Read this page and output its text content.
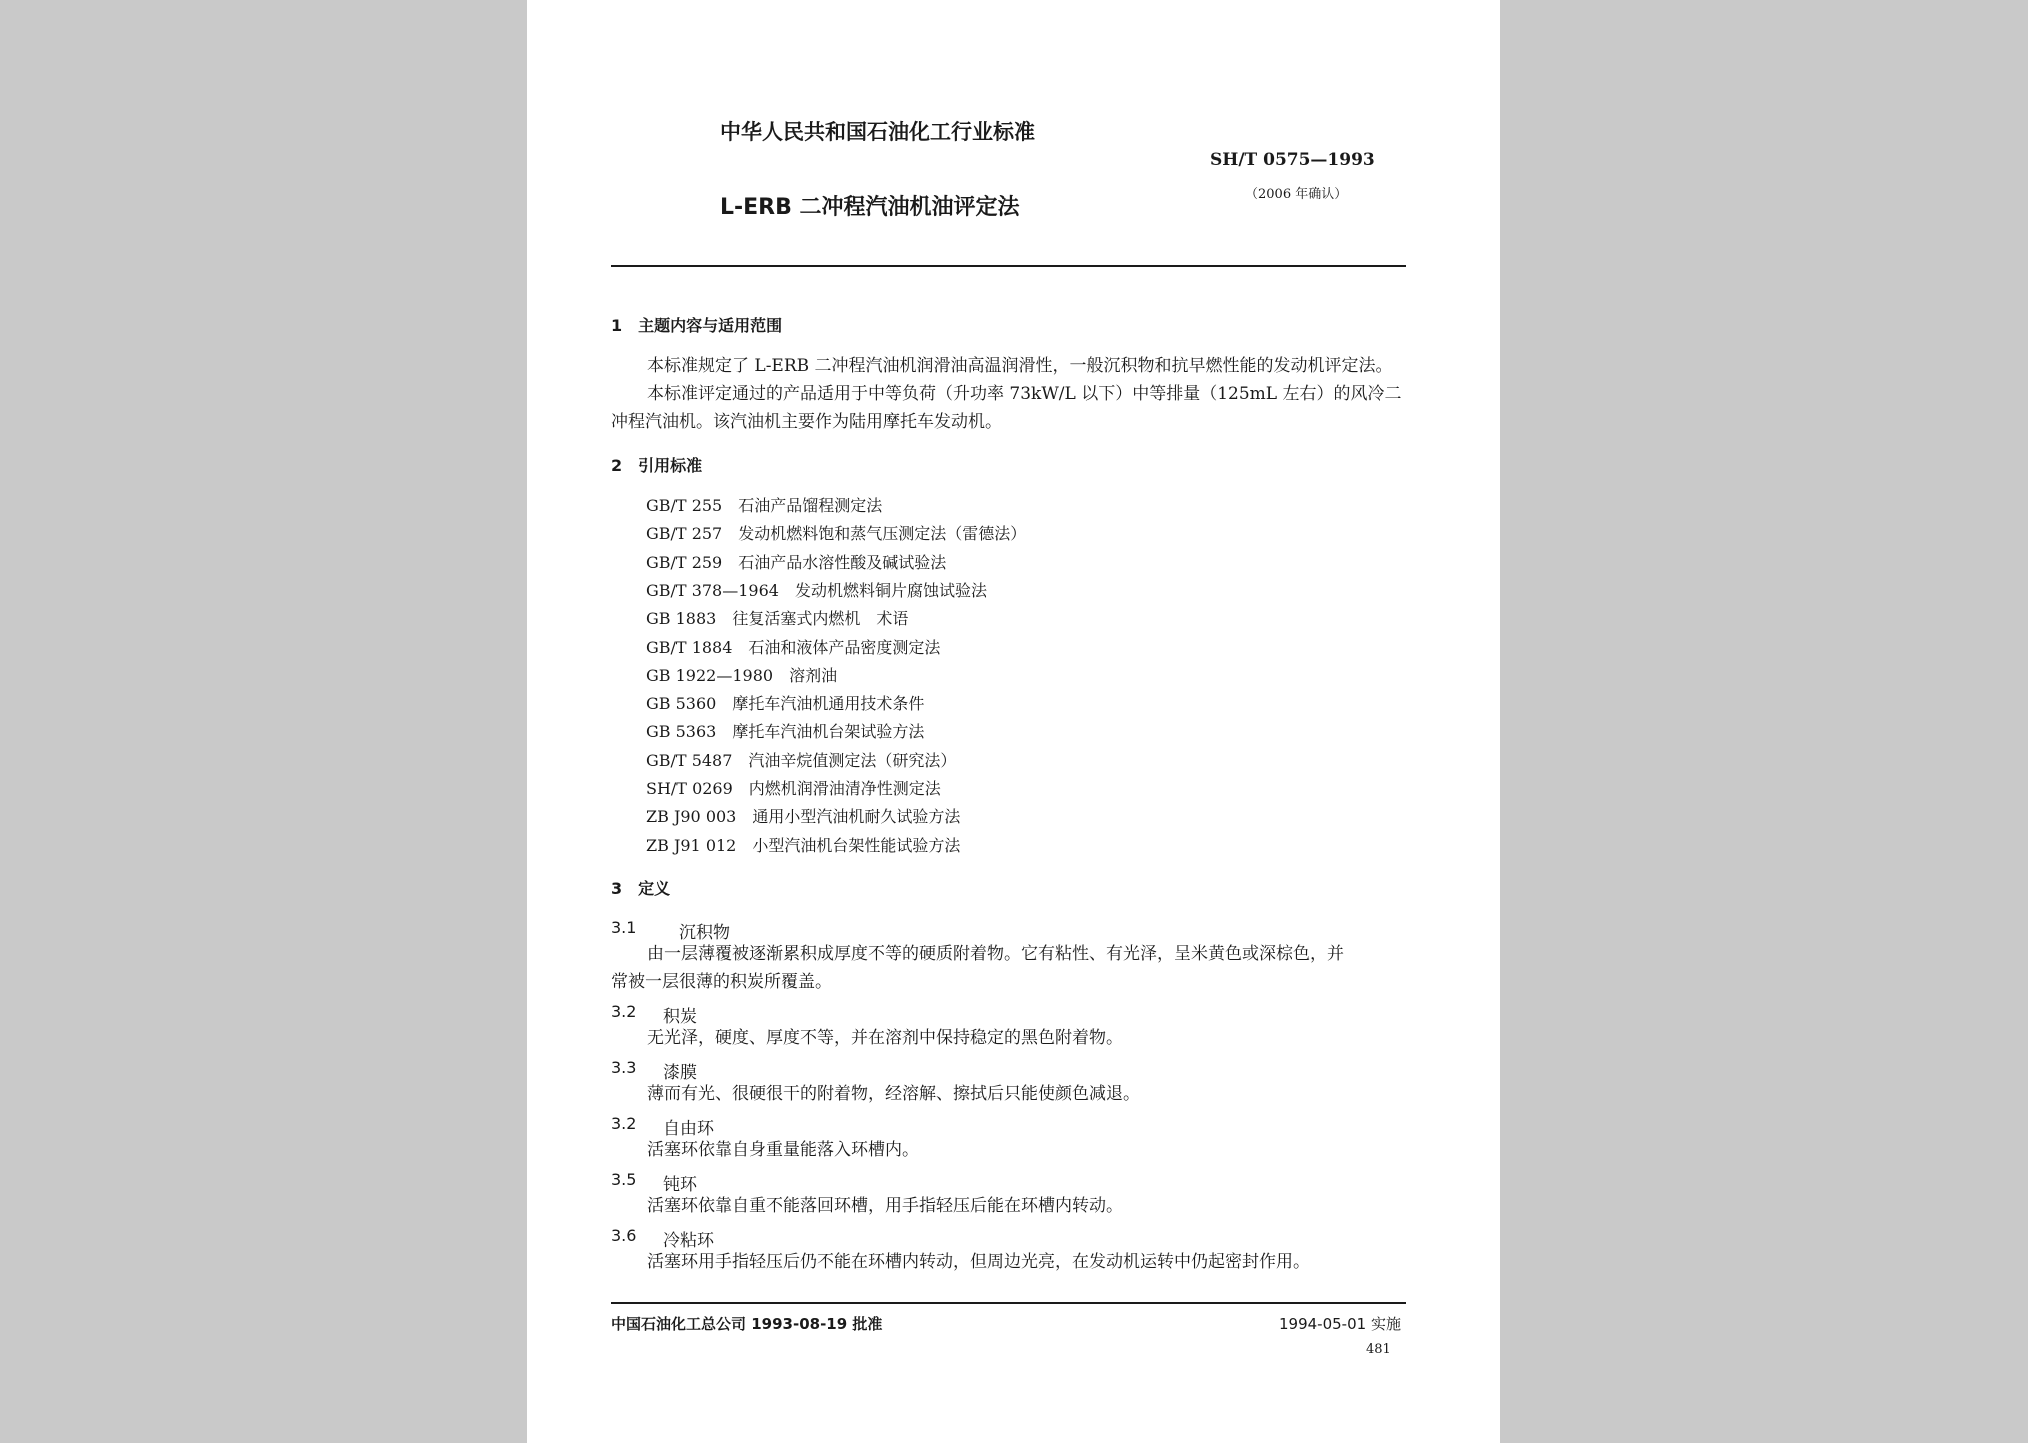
中华人民共和国石油化工行业标准
SH/T 0575—1993
（2006 年确认）
L-ERB 二冲程汽油机油评定法
1　主题内容与适用范围
本标准规定了 L-ERB 二冲程汽油机润滑油高温润滑性，一般沉积物和抗早燃性能的发动机评定法。
本标准评定通过的产品适用于中等负荷（升功率 73kW/L 以下）中等排量（125mL 左右）的风冷二
冲程汽油机。该汽油机主要作为陆用摩托车发动机。
2　引用标准
GB/T 255　 石油产品馏程测定法
GB/T 257　 发动机燃料饱和蒸气压测定法（雷德法）
GB/T 259　 石油产品水溶性酸及碱试验法
GB/T 378—1964　 发动机燃料铜片腐蚀试验法
GB 1883　 往复活塞式内燃机　术语
GB/T 1884　 石油和液体产品密度测定法
GB 1922—1980　 溶剂油
GB 5360　 摩托车汽油机通用技术条件
GB 5363　 摩托车汽油机台架试验方法
GB/T 5487　 汽油辛烷值测定法（研究法）
SH/T 0269　 内燃机润滑油清净性测定法
ZB J90 003　 通用小型汽油机耐久试验方法
ZB J91 012　 小型汽油机台架性能试验方法
3　定义
3.1	沉积物
由一层薄覆被逐渐累积成厚度不等的硬质附着物。它有粘性、有光泽，呈米黄色或深棕色，并
常被一层很薄的积炭所覆盖。
3.2 积炭
无光泽，硬度、厚度不等，并在溶剂中保持稳定的黑色附着物。
3.3 漆膜
薄而有光、很硬很干的附着物，经溶解、擦拭后只能使颜色减退。
3.2 自由环
活塞环依靠自身重量能落入环槽内。
3.5 钝环
活塞环依靠自重不能落回环槽，用手指轻压后能在环槽内转动。
3.6 冷粘环
活塞环用手指轻压后仍不能在环槽内转动，但周边光亮，在发动机运转中仍起密封作用。
中国石油化工总公司 1993-08-19 批准	1994-05-01 实施
481
